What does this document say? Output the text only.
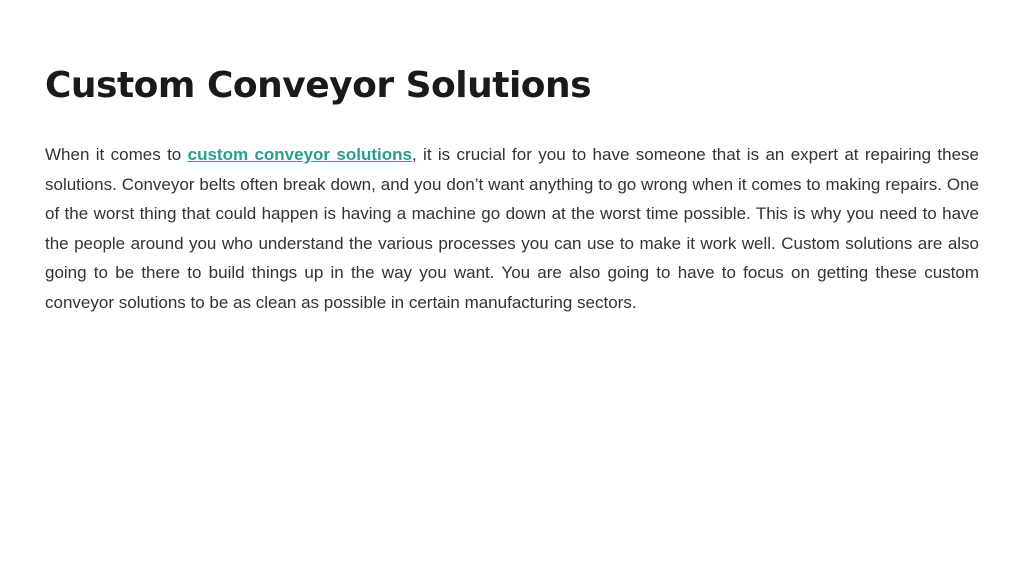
Custom Conveyor Solutions

When it comes to custom conveyor solutions, it is crucial for you to have someone that is an expert at repairing these solutions. Conveyor belts often break down, and you don’t want anything to go wrong when it comes to making repairs. One of the worst thing that could happen is having a machine go down at the worst time possible. This is why you need to have the people around you who understand the various processes you can use to make it work well. Custom solutions are also going to be there to build things up in the way you want. You are also going to have to focus on getting these custom conveyor solutions to be as clean as possible in certain manufacturing sectors.
